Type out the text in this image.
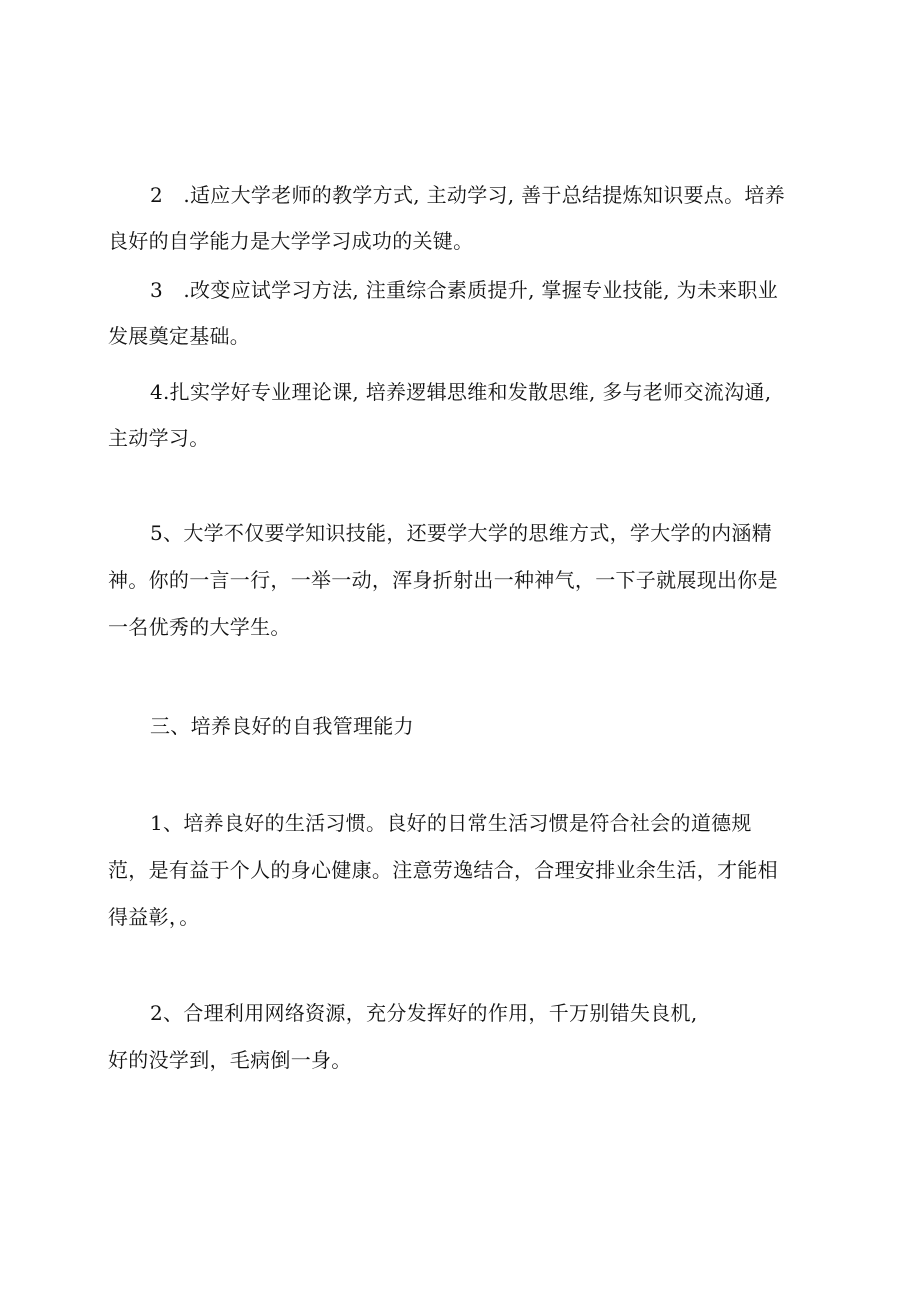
2　.适应大学老师的教学方式, 主动学习, 善于总结提炼知识要点。培养
良好的自学能力是大学学习成功的关键。
3　.改变应试学习方法, 注重综合素质提升, 掌握专业技能, 为未来职业
发展奠定基础。
4.扎实学好专业理论课, 培养逻辑思维和发散思维, 多与老师交流沟通,
主动学习。
5、大学不仅要学知识技能，还要学大学的思维方式，学大学的内涵精
神。你的一言一行，一举一动，浑身折射出一种神气，一下子就展现出你是
一名优秀的大学生。
三、培养良好的自我管理能力
1、培养良好的生活习惯。良好的日常生活习惯是符合社会的道德规
范，是有益于个人的身心健康。注意劳逸结合，合理安排业余生活，才能相
得益彰，。
2、合理利用网络资源，充分发挥好的作用，千万别错失良机,
好的没学到，毛病倒一身。
